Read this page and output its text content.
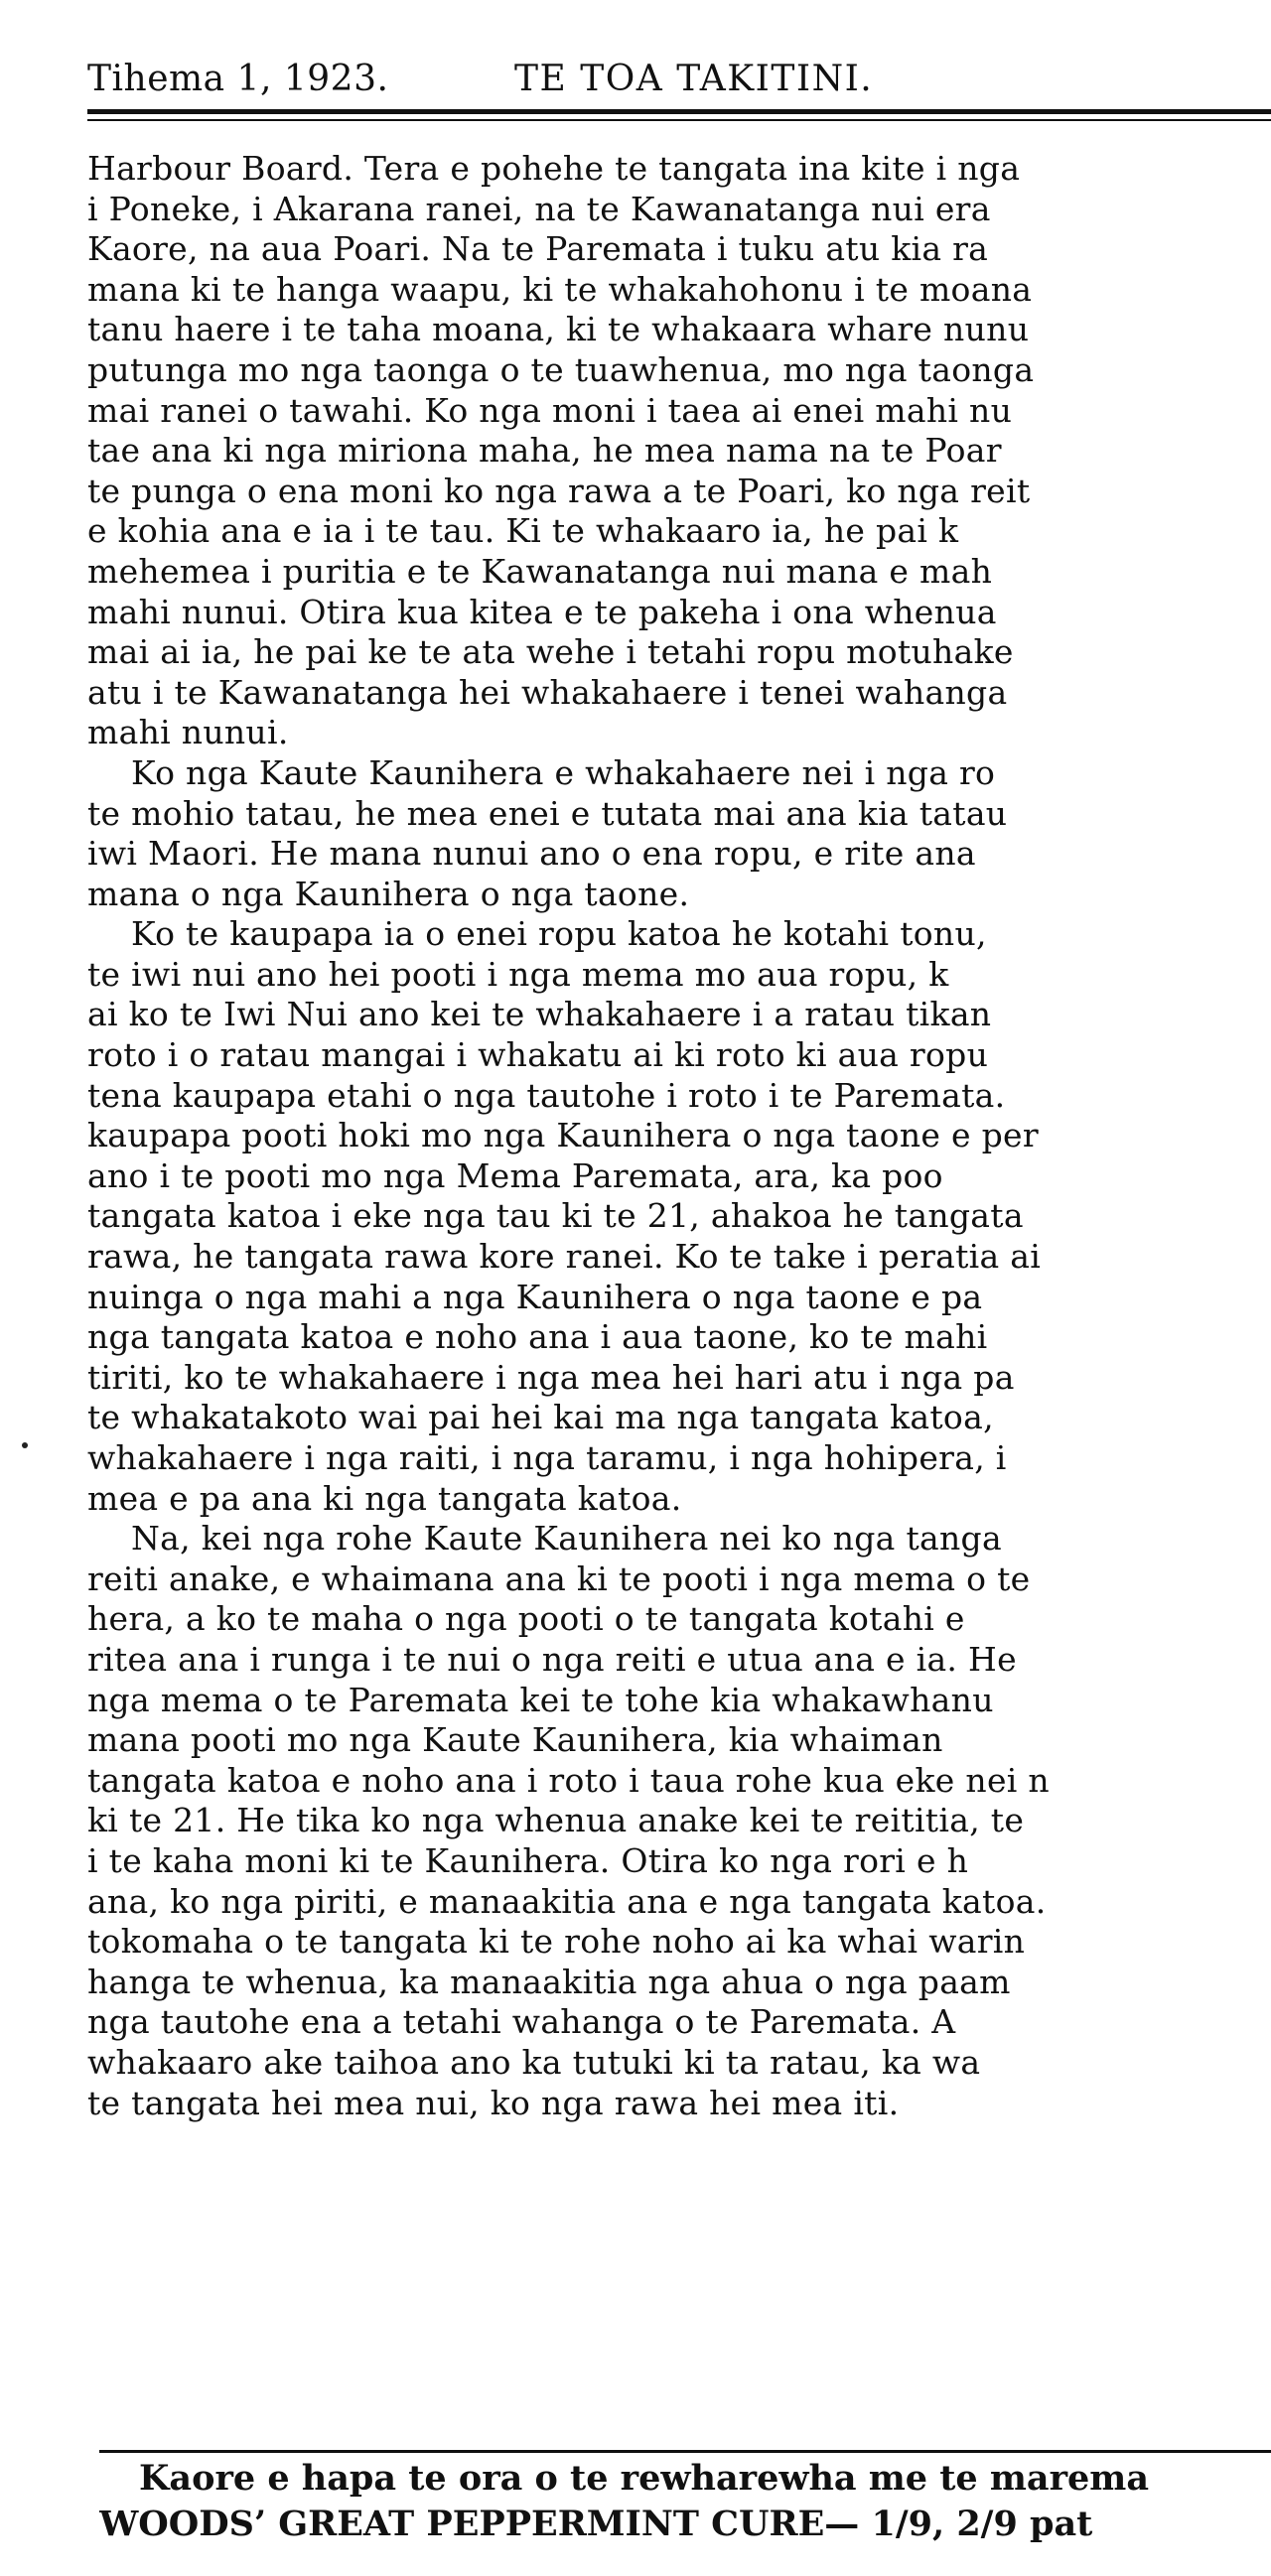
Tihema 1, 1923.	TE TOA TAKITINI.
Harbour Board. Tera e pohehe te tangata ina kite i nga
i Poneke, i Akarana ranei, na te Kawanatanga nui era
Kaore, na aua Poari. Na te Paremata i tuku atu kia ra
mana ki te hanga waapu, ki te whakahohonu i te moana
tanu haere i te taha moana, ki te whakaara whare nunu
putunga mo nga taonga o te tuawhenua, mo nga taonga
mai ranei o tawahi. Ko nga moni i taea ai enei mahi nu
tae ana ki nga miriona maha, he mea nama na te Poar
te punga o ena moni ko nga rawa a te Poari, ko nga reit
e kohia ana e ia i te tau. Ki te whakaaro ia, he pai k
mehemea i puritia e te Kawanatanga nui mana e mah
mahi nunui. Otira kua kitea e te pakeha i ona whenua
mai ai ia, he pai ke te ata wehe i tetahi ropu motuhake
atu i te Kawanatanga hei whakahaere i tenei wahanga
mahi nunui.
Ko nga Kaute Kaunihera e whakahaere nei i nga ro
te mohio tatau, he mea enei e tutata mai ana kia tatau
iwi Maori. He mana nunui ano o ena ropu, e rite ana
mana o nga Kaunihera o nga taone.
Ko te kaupapa ia o enei ropu katoa he kotahi tonu,
te iwi nui ano hei pooti i nga mema mo aua ropu, k
ai ko te Iwi Nui ano kei te whakahaere i a ratau tikan
roto i o ratau mangai i whakatu ai ki roto ki aua ropu
tena kaupapa etahi o nga tautohe i roto i te Paremata.
kaupapa pooti hoki mo nga Kaunihera o nga taone e per
ano i te pooti mo nga Mema Paremata, ara, ka poo
tangata katoa i eke nga tau ki te 21, ahakoa he tangata
rawa, he tangata rawa kore ranei. Ko te take i peratia ai
nuinga o nga mahi a nga Kaunihera o nga taone e pa
nga tangata katoa e noho ana i aua taone, ko te mahi
tiriti, ko te whakahaere i nga mea hei hari atu i nga pa
te whakatakoto wai pai hei kai ma nga tangata katoa,
whakahaere i nga raiti, i nga taramu, i nga hohipera, i
mea e pa ana ki nga tangata katoa.
Na, kei nga rohe Kaute Kaunihera nei ko nga tanga
reiti anake, e whaimana ana ki te pooti i nga mema o te
hera, a ko te maha o nga pooti o te tangata kotahi e
ritea ana i runga i te nui o nga reiti e utua ana e ia. He
nga mema o te Paremata kei te tohe kia whakawhanu
mana pooti mo nga Kaute Kaunihera, kia whaiman
tangata katoa e noho ana i roto i taua rohe kua eke nei n
ki te 21. He tika ko nga whenua anake kei te reititia, te
i te kaha moni ki te Kaunihera. Otira ko nga rori e h
ana, ko nga piriti, e manaakitia ana e nga tangata katoa.
tokomaha o te tangata ki te rohe noho ai ka whai warin
hanga te whenua, ka manaakitia nga ahua o nga paam
nga tautohe ena a tetahi wahanga o te Paremata. A
whakaaro ake taihoa ano ka tutuki ki ta ratau, ka wa
te tangata hei mea nui, ko nga rawa hei mea iti.
Kaore e hapa te ora o te rewharewha me te marema
WOODS’ GREAT PEPPERMINT CURE— 1/9, 2/9 pat
